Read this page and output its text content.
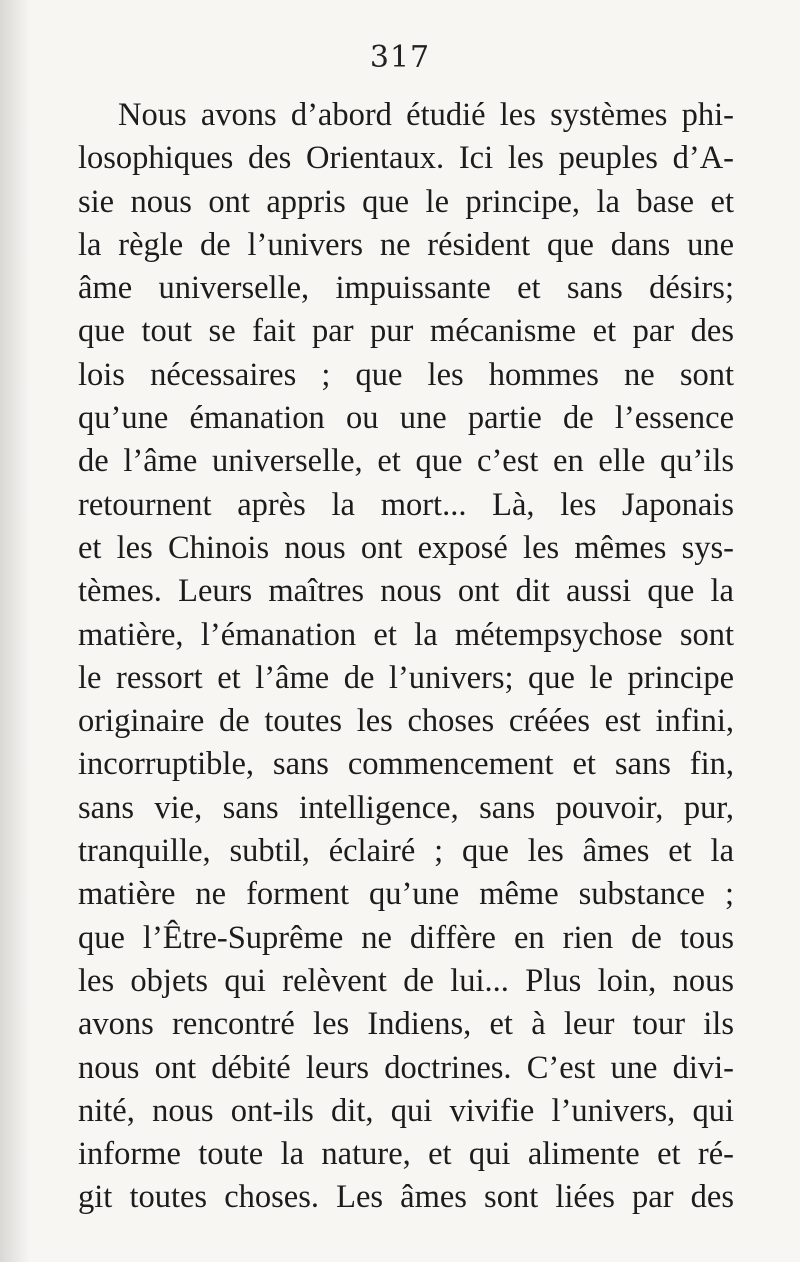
317
Nous avons d’abord étudié les systèmes phi-
losophiques des Orientaux. Ici les peuples d’A-
sie nous ont appris que le principe, la base et
la règle de l’univers ne résident que dans une
âme universelle, impuissante et sans désirs;
que tout se fait par pur mécanisme et par des
lois nécessaires ; que les hommes ne sont
qu’une émanation ou une partie de l’essence
de l’âme universelle, et que c’est en elle qu’ils
retournent après la mort... Là, les Japonais
et les Chinois nous ont exposé les mêmes sys-
tèmes. Leurs maîtres nous ont dit aussi que la
matière, l’émanation et la métempsychose sont
le ressort et l’âme de l’univers; que le principe
originaire de toutes les choses créées est infini,
incorruptible, sans commencement et sans fin,
sans vie, sans intelligence, sans pouvoir, pur,
tranquille, subtil, éclairé ; que les âmes et la
matière ne forment qu’une même substance ;
que l’Être-Suprême ne diffère en rien de tous
les objets qui relèvent de lui... Plus loin, nous
avons rencontré les Indiens, et à leur tour ils
nous ont débité leurs doctrines. C’est une divi-
nité, nous ont-ils dit, qui vivifie l’univers, qui
informe toute la nature, et qui alimente et ré-
git toutes choses. Les âmes sont liées par des
